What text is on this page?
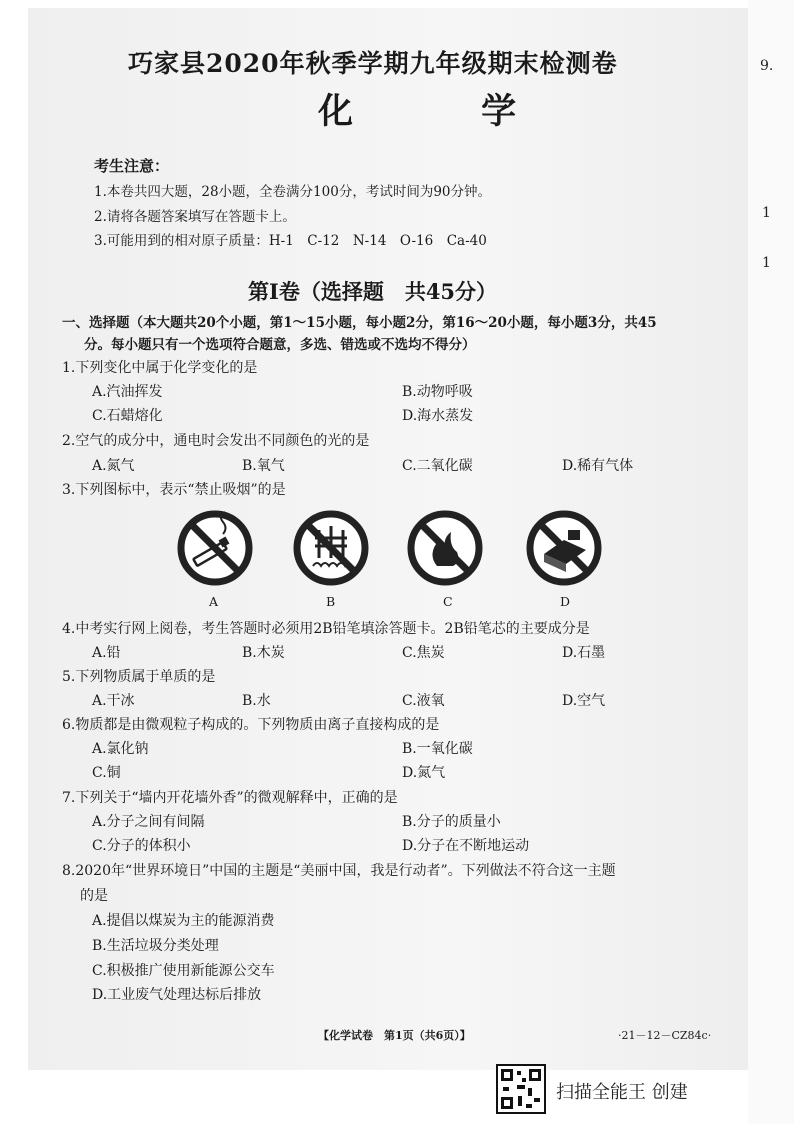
9.
1
1
巧家县2020年秋季学期九年级期末检测卷
化 学
考生注意：
1.本卷共四大题，28小题，全卷满分100分，考试时间为90分钟。
2.请将各题答案填写在答题卡上。
3.可能用到的相对原子质量：H-1　C-12　N-14　O-16　Ca-40
第Ⅰ卷（选择题　共45分）
一、选择题（本大题共20个小题，第1～15小题，每小题2分，第16～20小题，每小题3分，共45
分。每小题只有一个选项符合题意，多选、错选或不选均不得分）
1.下列变化中属于化学变化的是
A.汽油挥发	B.动物呼吸
C.石蜡熔化	D.海水蒸发
2.空气的成分中，通电时会发出不同颜色的光的是
A.氮气	B.氧气	C.二氧化碳	D.稀有气体
3.下列图标中，表示“禁止吸烟”的是
A	B	C	D
4.中考实行网上阅卷，考生答题时必须用2B铅笔填涂答题卡。2B铅笔芯的主要成分是
A.铅	B.木炭	C.焦炭	D.石墨
5.下列物质属于单质的是
A.干冰	B.水	C.液氧	D.空气
6.物质都是由微观粒子构成的。下列物质由离子直接构成的是
A.氯化钠	B.一氧化碳
C.铜	D.氮气
7.下列关于“墙内开花墙外香”的微观解释中，正确的是
A.分子之间有间隔	B.分子的质量小
C.分子的体积小	D.分子在不断地运动
8.2020年“世界环境日”中国的主题是“美丽中国，我是行动者”。下列做法不符合这一主题
的是
A.提倡以煤炭为主的能源消费
B.生活垃圾分类处理
C.积极推广使用新能源公交车
D.工业废气处理达标后排放
【化学试卷　第1页（共6页）】	·21－12－CZ84c·
扫描全能王 创建
